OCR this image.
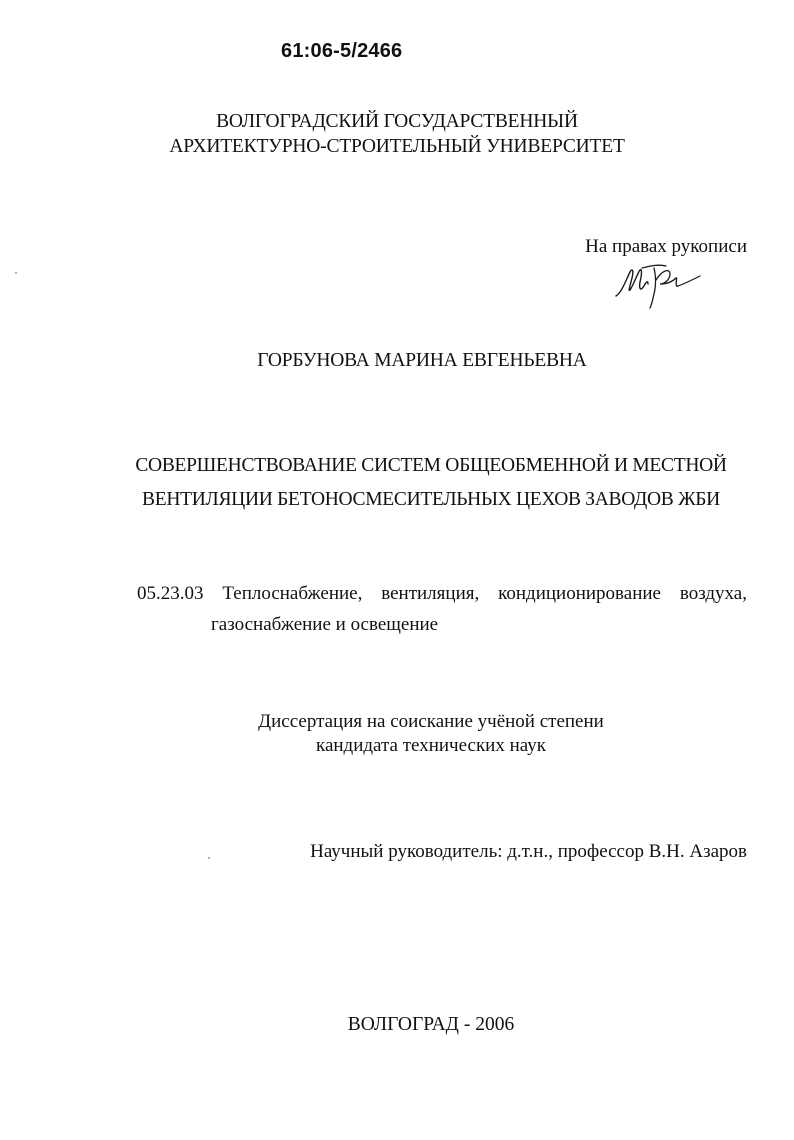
61:06-5/2466
ВОЛГОГРАДСКИЙ ГОСУДАРСТВЕННЫЙ
АРХИТЕКТУРНО-СТРОИТЕЛЬНЫЙ УНИВЕРСИТЕТ
На правах рукописи
ГОРБУНОВА МАРИНА ЕВГЕНЬЕВНА
СОВЕРШЕНСТВОВАНИЕ СИСТЕМ ОБЩЕОБМЕННОЙ И МЕСТНОЙ
ВЕНТИЛЯЦИИ БЕТОНОСМЕСИТЕЛЬНЫХ ЦЕХОВ ЗАВОДОВ ЖБИ
05.23.03 Теплоснабжение, вентиляция, кондиционирование воздуха,
газоснабжение и освещение
Диссертация на соискание учёной степени
кандидата технических наук
Научный руководитель: д.т.н., профессор В.Н. Азаров
ВОЛГОГРАД - 2006
